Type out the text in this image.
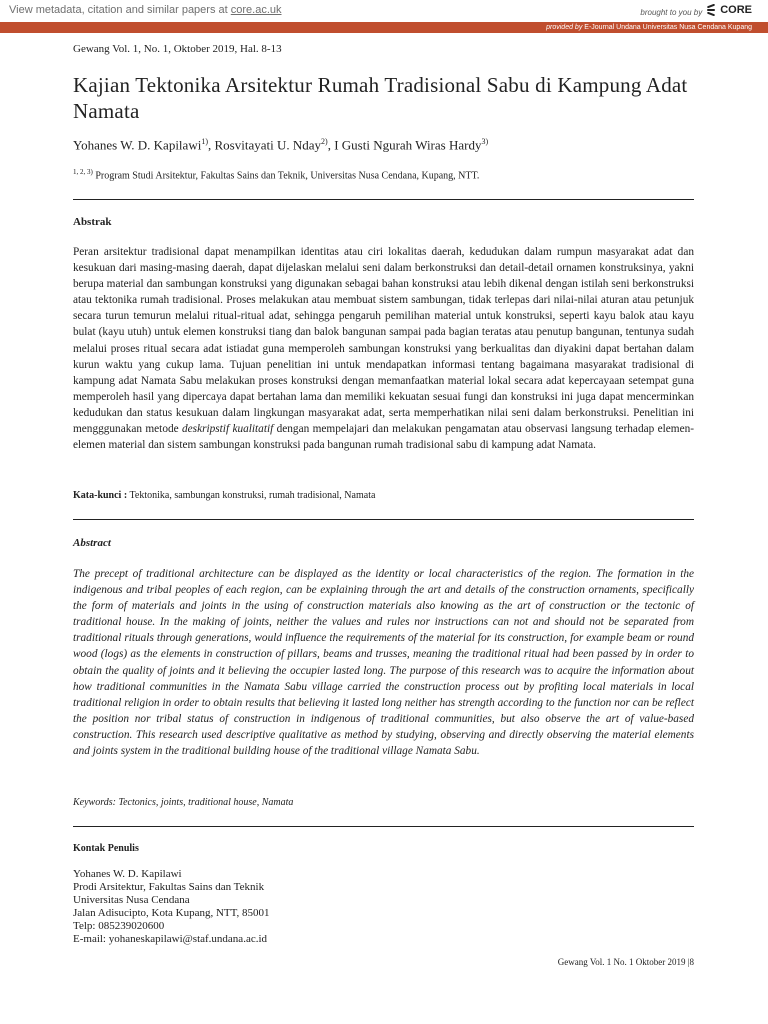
View metadata, citation and similar papers at core.ac.uk	brought to you by CORE
provided by E-Journal Undana Universitas Nusa Cendana Kupang
Gewang Vol. 1, No. 1, Oktober 2019, Hal. 8-13
Kajian Tektonika Arsitektur Rumah Tradisional Sabu di Kampung Adat Namata
Yohanes W. D. Kapilawi$^{1)}$, Rosvitayati U. Nday$^{2)}$, I Gusti Ngurah Wiras Hardy$^{3)}$
$^{1, 2, 3)}$ Program Studi Arsitektur, Fakultas Sains dan Teknik, Universitas Nusa Cendana, Kupang, NTT.
Abstrak
Peran arsitektur tradisional dapat menampilkan identitas atau ciri lokalitas daerah, kedudukan dalam rumpun masyarakat adat dan kesukuan dari masing-masing daerah, dapat dijelaskan melalui seni dalam berkonstruksi dan detail-detail ornamen konstruksinya, yakni berupa material dan sambungan konstruksi yang digunakan sebagai bahan konstruksi atau lebih dikenal dengan istilah seni berkonstruksi atau tektonika rumah tradisional. Proses melakukan atau membuat sistem sambungan, tidak terlepas dari nilai-nilai aturan atau petunjuk secara turun temurun melalui ritual-ritual adat, sehingga pengaruh pemilihan material untuk konstruksi, seperti kayu balok atau kayu bulat (kayu utuh) untuk elemen konstruksi tiang dan balok bangunan sampai pada bagian teratas atau penutup bangunan, tentunya sudah melalui proses ritual secara adat istiadat guna memperoleh sambungan konstruksi yang berkualitas dan diyakini dapat bertahan dalam kurun waktu yang cukup lama. Tujuan penelitian ini untuk mendapatkan informasi tentang bagaimana masyarakat tradisional di kampung adat Namata Sabu melakukan proses konstruksi dengan memanfaatkan material lokal secara adat kepercayaan setempat guna memperoleh hasil yang dipercaya dapat bertahan lama dan memiliki kekuatan sesuai fungi dan konstruksi ini juga dapat mencerminkan kedudukan dan status kesukuan dalam lingkungan masyarakat adat, serta memperhatikan nilai seni dalam berkonstruksi. Penelitian ini mengggunakan metode deskripstif kualitatif dengan mempelajari dan melakukan pengamatan atau observasi langsung terhadap elemen-elemen material dan sistem sambungan konstruksi pada bangunan rumah tradisional sabu di kampung adat Namata.
Kata-kunci : Tektonika, sambungan konstruksi, rumah tradisional, Namata
Abstract
The precept of traditional architecture can be displayed as the identity or local characteristics of the region. The formation in the indigenous and tribal peoples of each region, can be explaining through the art and details of the construction ornaments, specifically the form of materials and joints in the using of construction materials also knowing as the art of construction or the tectonic of traditional house. In the making of joints, neither the values and rules nor instructions can not and should not be separated from traditional rituals through generations, would influence the requirements of the material for its construction, for example beam or round wood (logs) as the elements in construction of pillars, beams and trusses, meaning the traditional ritual had been passed by in order to obtain the quality of joints and it believing the occupier lasted long. The purpose of this research was to acquire the information about how traditional communities in the Namata Sabu village carried the construction process out by profiting local materials in local traditional religion in order to obtain results that believing it lasted long neither has strength according to the function nor can be reflect the position nor tribal status of construction in indigenous of traditional communities, but also observe the art of value-based construction. This research used descriptive qualitative as method by studying, observing and directly observing the material elements and joints system in the traditional building house of the traditional village Namata Sabu.
Keywords: Tectonics, joints, traditional house, Namata
Kontak Penulis
Yohanes W. D. Kapilawi
Prodi Arsitektur, Fakultas Sains dan Teknik
Universitas Nusa Cendana
Jalan Adisucipto, Kota Kupang, NTT, 85001
Telp: 085239020600
E-mail: yohaneskapilawi@staf.undana.ac.id
Gewang Vol. 1 No. 1 Oktober 2019 |8
